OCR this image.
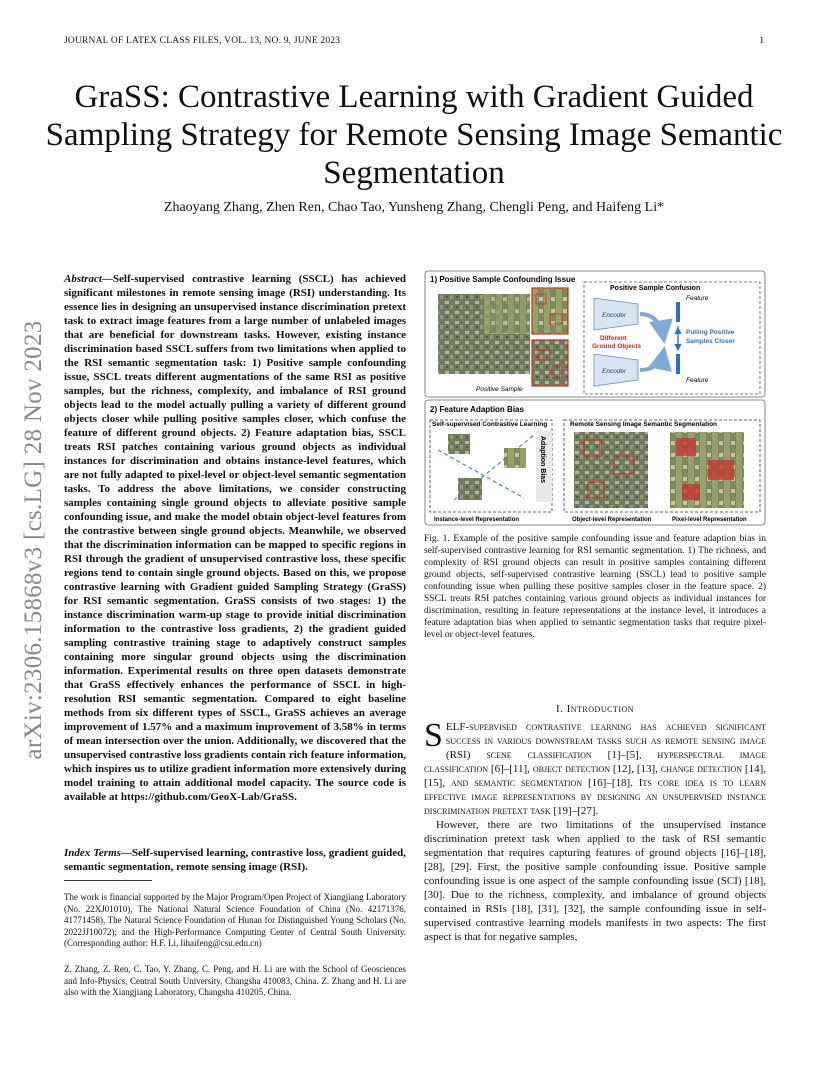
JOURNAL OF LATEX CLASS FILES, VOL. 13, NO. 9, JUNE 2023	1
GraSS: Contrastive Learning with Gradient Guided Sampling Strategy for Remote Sensing Image Semantic Segmentation
Zhaoyang Zhang, Zhen Ren, Chao Tao, Yunsheng Zhang, Chengli Peng, and Haifeng Li*
arXiv:2306.15868v3 [cs.LG] 28 Nov 2023
Abstract—Self-supervised contrastive learning (SSCL) has achieved significant milestones in remote sensing image (RSI) understanding. Its essence lies in designing an unsupervised instance discrimination pretext task to extract image features from a large number of unlabeled images that are beneficial for downstream tasks. However, existing instance discrimination based SSCL suffers from two limitations when applied to the RSI semantic segmentation task: 1) Positive sample confounding issue, SSCL treats different augmentations of the same RSI as positive samples, but the richness, complexity, and imbalance of RSI ground objects lead to the model actually pulling a variety of different ground objects closer while pulling positive samples closer, which confuse the feature of different ground objects. 2) Feature adaptation bias, SSCL treats RSI patches containing various ground objects as individual instances for discrimination and obtains instance-level features, which are not fully adapted to pixel-level or object-level semantic segmentation tasks. To address the above limitations, we consider constructing samples containing single ground objects to alleviate positive sample confounding issue, and make the model obtain object-level features from the contrastive between single ground objects. Meanwhile, we observed that the discrimination information can be mapped to specific regions in RSI through the gradient of unsupervised contrastive loss, these specific regions tend to contain single ground objects. Based on this, we propose contrastive learning with Gradient guided Sampling Strategy (GraSS) for RSI semantic segmentation. GraSS consists of two stages: 1) the instance discrimination warm-up stage to provide initial discrimination information to the contrastive loss gradients, 2) the gradient guided sampling contrastive training stage to adaptively construct samples containing more singular ground objects using the discrimination information. Experimental results on three open datasets demonstrate that GraSS effectively enhances the performance of SSCL in high-resolution RSI semantic segmentation. Compared to eight baseline methods from six different types of SSCL, GraSS achieves an average improvement of 1.57% and a maximum improvement of 3.58% in terms of mean intersection over the union. Additionally, we discovered that the unsupervised contrastive loss gradients contain rich feature information, which inspires us to utilize gradient information more extensively during model training to attain additional model capacity. The source code is available at https://github.com/GeoX-Lab/GraSS.
Index Terms—Self-supervised learning, contrastive loss, gradient guided, semantic segmentation, remote sensing image (RSI).
The work is financial supported by the Major Program/Open Project of Xiangjiang Laboratory (No. 22XJ01010), The National Natural Science Foundation of China (No. 42171376, 41771458), The Natural Science Foundation of Hunan for Distinguished Young Scholars (No. 2022JJ10072); and the High-Performance Computing Center of Central South University. (Corresponding author: H.F. Li, lihaifeng@csu.edu.cn)
Z. Zhang, Z. Ren, C. Tao, Y. Zhang, C. Peng, and H. Li are with the School of Geosciences and Info-Physics, Central South University, Changsha 410083, China. Z. Zhang and H. Li are also with the Xiangjiang Laboratory, Changsha 410205, China.
1) Positive Sample Confounding Issue
Positive Sample
Positive Sample Confusion
Encoder
Encoder
Different
Ground Objects
Feature
Feature
Pulling Positive
Samples Closer
2) Feature Adaption Bias
Self-supervised Contrastive Learning
Instance-level Representation
Adaption Bias
Remote Sensing Image Semantic Segmentation
Object-level Representation	Pixel-level Representation
Fig. 1. Example of the positive sample confounding issue and feature adaption bias in self-supervised contrastive learning for RSI semantic segmentation. 1) The richness, and complexity of RSI ground objects can result in positive samples containing different ground objects, self-supervised contrastive learning (SSCL) lead to positive sample confounding issue when pulling these positive samples closer in the feature space. 2) SSCL treats RSI patches containing various ground objects as individual instances for discrimination, resulting in feature representations at the instance level, it introduces a feature adaptation bias when applied to semantic segmentation tasks that require pixel-level or object-level features.
I. Introduction

SELF-supervised contrastive learning has achieved significant success in various downstream tasks such as remote sensing image (RSI) scene classification [1]–[5], hyperspectral image classification [6]–[11], object detection [12], [13], change detection [14], [15], and semantic segmentation [16]–[18]. Its core idea is to learn effective image representations by designing an unsupervised instance discrimination pretext task [19]–[27].

However, there are two limitations of the unsupervised instance discrimination pretext task when applied to the task of RSI semantic segmentation that requires capturing features of ground objects [16]–[18], [28], [29]. First, the positive sample confounding issue. Positive sample confounding issue is one aspect of the sample confounding issue (SCI) [18], [30]. Due to the richness, complexity, and imbalance of ground objects contained in RSIs [18], [31], [32], the sample confounding issue in self-supervised contrastive learning models manifests in two aspects: The first aspect is that for negative samples,
